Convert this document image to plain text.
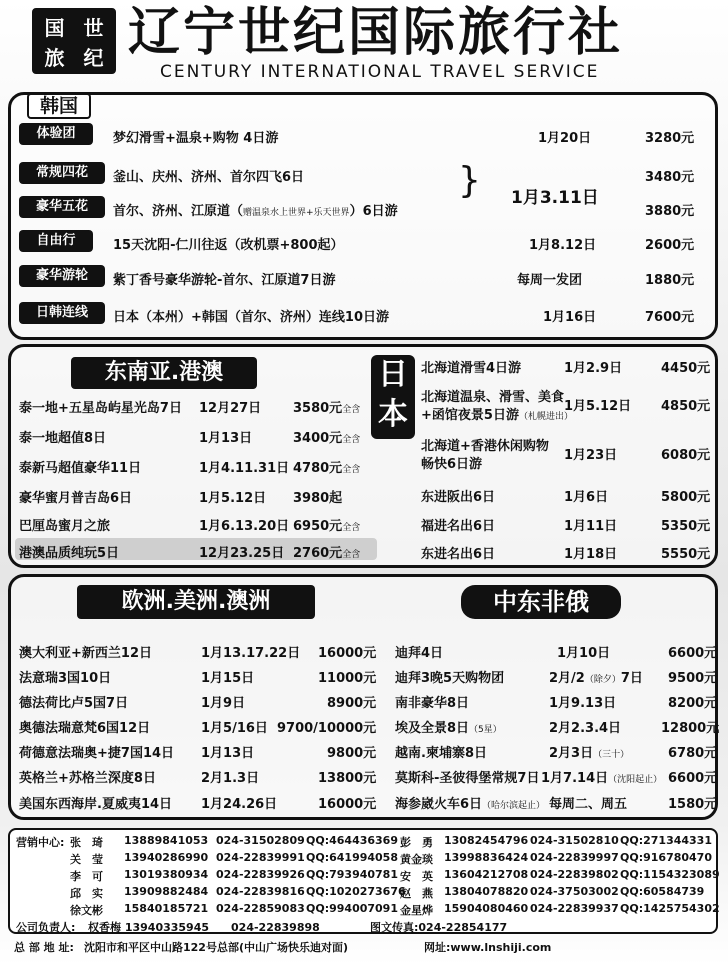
国 世
旅 纪 辽宁世纪国际旅行社
CENTURY INTERNATIONAL TRAVEL SERVICE
韩国
体验团	梦幻滑雪+温泉+购物 4日游	1月20日	3280元
常规四花	釜山、庆州、济州、首尔四飞6日	3480元
豪华五花	首尔、济州、江原道（赠温泉水上世界+乐天世界）6日游	3880元
} 1月3.11日
自由行	15天沈阳-仁川往返（改机票+800起）	1月8.12日	2600元
豪华游轮	紫丁香号豪华游轮-首尔、江原道7日游	每周一发团	1880元
日韩连线	日本（本州）+韩国（首尔、济州）连线10日游	1月16日	7600元
东南亚.港澳
泰一地+五星岛屿星光岛7日 12月27日 3580元全含
泰一地超值8日	1月13日	3400元全含
泰新马超值豪华11日	1月4.11.31日 4780元全含
豪华蜜月普吉岛6日	1月5.12日 3980起
巴厘岛蜜月之旅	1月6.13.20日 6950元全含
港澳品质纯玩5日	12月23.25日 2760元全含
日
本
北海道滑雪4日游	1月2.9日	4450元
北海道温泉、滑雪、美食
+函馆夜景5日游（札幌进出）
1月5.12日 4850元
北海道+香港休闲购物
畅快6日游
1月23日	6080元
东进阪出6日	1月6日	5800元
福进名出6日	1月11日	5350元
东进名出6日	1月18日	5550元
欧洲.美洲.澳洲	中东非俄
澳大利亚+新西兰12日	1月13.17.22日 16000元
法意瑞3国10日	1月15日	11000元
德法荷比卢5国7日	1月9日	8900元
奥德法瑞意梵6国12日	1月5/16日 9700/10000元
荷德意法瑞奥+捷7国14日 1月13日	9800元
英格兰+苏格兰深度8日	2月1.3日	13800元
美国东西海岸.夏威夷14日 1月24.26日	16000元
迪拜4日	1月10日	6600元
迪拜3晚5天购物团	2月/2（除夕）7日 9500元
南非豪华8日	1月9.13日	8200元
埃及全景8日（5星）	2月2.3.4日	12800元
越南.柬埔寨8日	2月3日（三十）	6780元
莫斯科-圣彼得堡常规7日 1月7.14日（沈阳起止） 6600元
海参崴火车6日（哈尔滨起止） 每周二、周五	1580元
营销中心: 张　琦 13889841053 024-31502809 QQ:464436369
关　莹 13940286990 024-22839991 QQ:641994058
李　可 13019380934 024-22839926 QQ:793940781
邱　实 13909882484 024-22839816 QQ:1020273676
徐文彬 15840185721 024-22859083 QQ:994007091
彭　勇 13082454796 024-31502810 QQ:271344331
黄金琰 13998836424 024-22839997 QQ:916780470
安　英 13604212708 024-22839802 QQ:1154323089
赵　燕 13804078820 024-37503002 QQ:60584739
金星烨 15904080460 024-22839937 QQ:1425754302
公司负责人: 权香梅 13940335945　　024-22839898	图文传真:024-22854177
总 部 地 址: 沈阳市和平区中山路122号总部(中山广场快乐迪对面)	网址:www.lnshiji.com
